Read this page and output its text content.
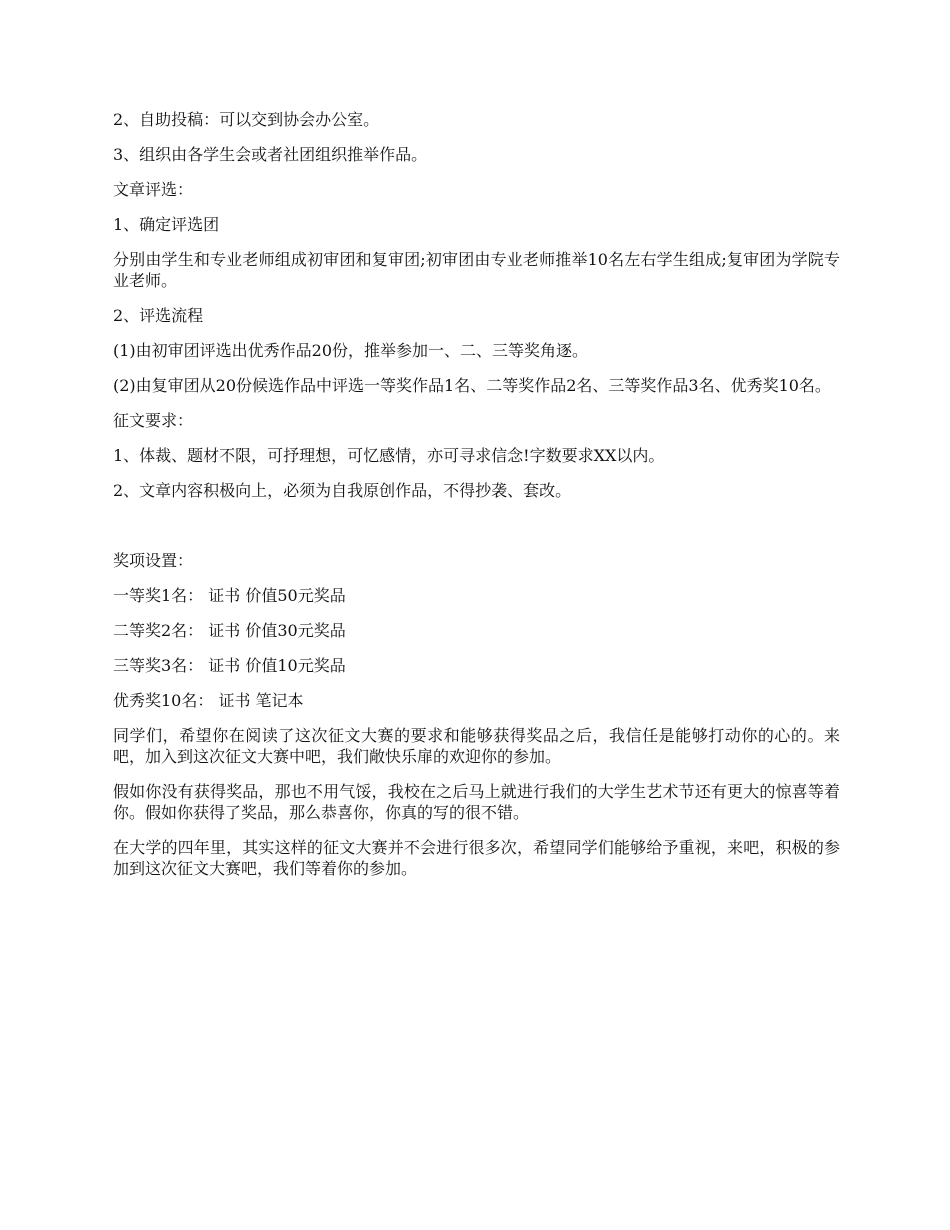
2、自助投稿：可以交到协会办公室。

3、组织由各学生会或者社团组织推举作品。

文章评选：

1、确定评选团

分别由学生和专业老师组成初审团和复审团;初审团由专业老师推举10名左右学生组成;复审团为学院专业老师。

2、评选流程

(1)由初审团评选出优秀作品20份，推举参加一、二、三等奖角逐。

(2)由复审团从20份候选作品中评选一等奖作品1名、二等奖作品2名、三等奖作品3名、优秀奖10名。

征文要求：

1、体裁、题材不限，可抒理想，可忆感情，亦可寻求信念!字数要求XX以内。

2、文章内容积极向上，必须为自我原创作品，不得抄袭、套改。

奖项设置：

一等奖1名： 证书 价值50元奖品

二等奖2名： 证书 价值30元奖品

三等奖3名： 证书 价值10元奖品

优秀奖10名： 证书 笔记本

同学们，希望你在阅读了这次征文大赛的要求和能够获得奖品之后，我信任是能够打动你的心的。来吧，加入到这次征文大赛中吧，我们敞快乐扉的欢迎你的参加。

假如你没有获得奖品，那也不用气馁，我校在之后马上就进行我们的大学生艺术节还有更大的惊喜等着你。假如你获得了奖品，那么恭喜你，你真的写的很不错。

在大学的四年里，其实这样的征文大赛并不会进行很多次，希望同学们能够给予重视，来吧，积极的参加到这次征文大赛吧，我们等着你的参加。
